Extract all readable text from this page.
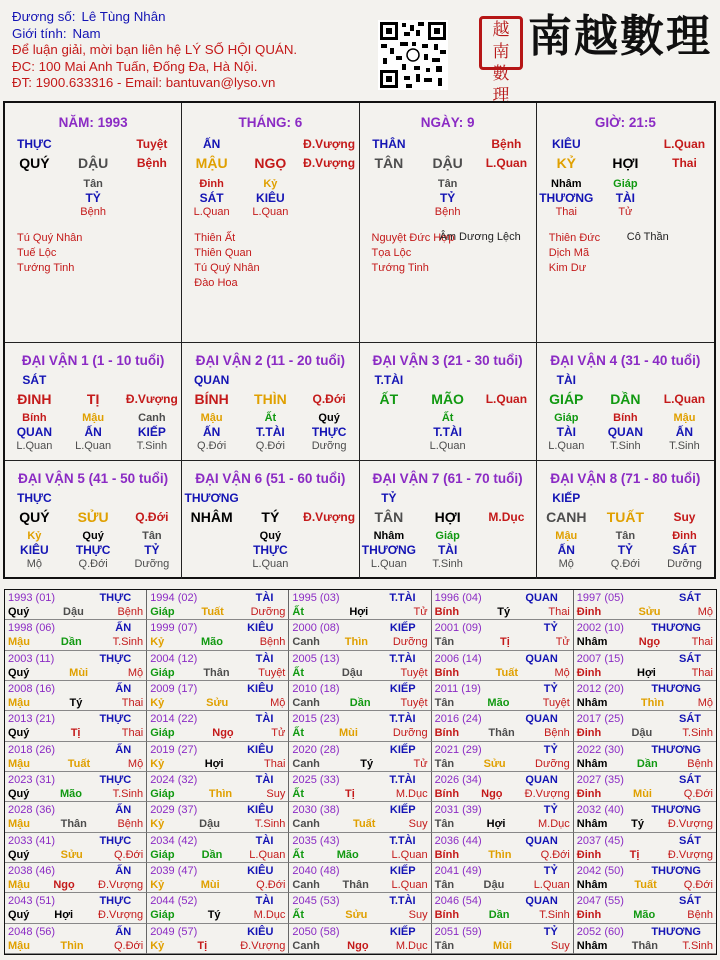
Đương số: Lê Tùng Nhân
Giới tính: Nam
Để luận giải, mời bạn liên hệ LÝ SỐ HỘI QUÁN.
ĐC: 100 Mai Anh Tuấn, Đống Đa, Hà Nội.
ĐT: 1900.633316 - Email: bantuvan@lyso.vn
越南數理
南越數理
NĂM: 1993
THỰC	Tuyệt
QUÝ	DẬU	Bệnh
Tân
TỶ
Bệnh
Tú Quý Nhân
Tuế Lộc
Tướng Tinh
THÁNG: 6
ẤN	Đ.Vượng
MẬU	NGỌ	Đ.Vượng
Đinh	Kỷ
SÁT	KIÊU
L.Quan	L.Quan
Thiên Ất
Thiên Quan
Tú Quý Nhân
Đào Hoa
NGÀY: 9
THÂN	Bệnh
TÂN	DẬU	L.Quan
Tân
TỶ
Bệnh
Nguyệt Đức Hợp
Tọa Lộc
Tướng Tinh
Âm Dương Lệch
GIỜ: 21:5
KIÊU	L.Quan
KỶ	HỢI	Thai
Nhâm	Giáp
THƯƠNG	TÀI
Thai	Tử
Thiên Đức
Dịch Mã
Kim Dư
Cô Thần
ĐẠI VẬN 1 (1 - 10 tuổi)
SÁT
ĐINH	TỊ	Đ.Vượng
Bính	Mậu	Canh
QUAN	ẤN	KIẾP
L.Quan	L.Quan	T.Sinh
ĐẠI VẬN 2 (11 - 20 tuổi)
QUAN
BÍNH	THÌN	Q.Đới
Mậu	Ất	Quý
ẤN	T.TÀI	THỰC
Q.Đới	Q.Đới	Dưỡng
ĐẠI VẬN 3 (21 - 30 tuổi)
T.TÀI
ẤT	MÃO	L.Quan
Ất
T.TÀI
L.Quan
ĐẠI VẬN 4 (31 - 40 tuổi)
TÀI
GIÁP	DẦN	L.Quan
Giáp	Bính	Mậu
TÀI	QUAN	ẤN
L.Quan	T.Sinh	T.Sinh
ĐẠI VẬN 5 (41 - 50 tuổi)
THỰC
QUÝ	SỬU	Q.Đới
Kỷ	Quý	Tân
KIÊU	THỰC	TỶ
Mộ	Q.Đới	Dưỡng
ĐẠI VẬN 6 (51 - 60 tuổi)
THƯƠNG
NHÂM	TÝ	Đ.Vượng
Quý
THỰC
L.Quan
ĐẠI VẬN 7 (61 - 70 tuổi)
TỶ
TÂN	HỢI	M.Dục
Nhâm	Giáp
THƯƠNG	TÀI
L.Quan	T.Sinh
ĐẠI VẬN 8 (71 - 80 tuổi)
KIẾP
CANH	TUẤT	Suy
Mậu	Tân	Đinh
ẤN	TỶ	SÁT
Mộ	Q.Đới	Dưỡng
1993 (01)	THỰC
Quý	Dậu	Bệnh
1994 (02)	TÀI
Giáp Tuất Dưỡng
1995 (03)	T.TÀI
Ất	Hợi	Tử
1996 (04)	QUAN
Bính	Tý	Thai
1997 (05)	SÁT
Đinh	Sửu	Mộ
1998 (06)	ẤN
Mậu	Dần	T.Sinh
1999 (07)	KIÊU
Kỷ	Mão	Bệnh
2000 (08)	KIẾP
Canh Thìn Dưỡng
2001 (09)	TỶ
Tân	Tị	Tử
2002 (10) THƯƠNG
Nhâm	Ngọ	Thai
2003 (11)	THỰC
Quý	Mùi	Mộ
2004 (12)	TÀI
Giáp	Thân	Tuyệt
2005 (13)	T.TÀI
Ất	Dậu	Tuyệt
2006 (14)	QUAN
Bính	Tuất	Mộ
2007 (15)	SÁT
Đinh	Hợi	Thai
2008 (16)	ẤN
Mậu	Tý	Thai
2009 (17)	KIÊU
Kỷ	Sửu	Mộ
2010 (18)	KIẾP
Canh	Dần	Tuyệt
2011 (19)	TỶ
Tân	Mão	Tuyệt
2012 (20) THƯƠNG
Nhâm	Thìn	Mộ
2013 (21)	THỰC
Quý	Tị	Thai
2014 (22)	TÀI
Giáp	Ngọ	Tử
2015 (23)	T.TÀI
Ất	Mùi	Dưỡng
2016 (24)	QUAN
Bính	Thân	Bệnh
2017 (25)	SÁT
Đinh	Dậu	T.Sinh
2018 (26)	ẤN
Mậu	Tuất	Mộ
2019 (27)	KIÊU
Kỷ	Hợi	Thai
2020 (28)	KIẾP
Canh	Tý	Tử
2021 (29)	TỶ
Tân	Sửu	Dưỡng
2022 (30) THƯƠNG
Nhâm	Dần	Bệnh
2023 (31)	THỰC
Quý	Mão	T.Sinh
2024 (32)	TÀI
Giáp	Thìn	Suy
2025 (33)	T.TÀI
Ất	Tị	M.Dục
2026 (34)	QUAN
Bính Ngọ Đ.Vượng
2027 (35)	SÁT
Đinh	Mùi	Q.Đới
2028 (36)	ẤN
Mậu	Thân	Bệnh
2029 (37)	KIÊU
Kỷ	Dậu	T.Sinh
2030 (38)	KIẾP
Canh	Tuất	Suy
2031 (39)	TỶ
Tân	Hợi	M.Dục
2032 (40) THƯƠNG
Nhâm Tý Đ.Vượng
2033 (41)	THỰC
Quý	Sửu	Q.Đới
2034 (42)	TÀI
Giáp Dần L.Quan
2035 (43)	T.TÀI
Ất	Mão	L.Quan
2036 (44)	QUAN
Bính	Thìn	Q.Đới
2037 (45)	SÁT
Đinh	Tị	Đ.Vượng
2038 (46)	ẤN
Mậu Ngọ Đ.Vượng
2039 (47)	KIÊU
Kỷ	Mùi	Q.Đới
2040 (48)	KIẾP
Canh Thân L.Quan
2041 (49)	TỶ
Tân	Dậu	L.Quan
2042 (50) THƯƠNG
Nhâm Tuất Q.Đới
2043 (51)	THỰC
Quý Hợi Đ.Vượng
2044 (52)	TÀI
Giáp	Tý	M.Dục
2045 (53)	T.TÀI
Ất	Sửu	Suy
2046 (54)	QUAN
Bính	Dần	T.Sinh
2047 (55)	SÁT
Đinh	Mão	Bệnh
2048 (56)	ẤN
Mậu	Thìn	Q.Đới
2049 (57)	KIÊU
Kỷ	Tị	Đ.Vượng
2050 (58)	KIẾP
Canh Ngọ M.Dục
2051 (59)	TỶ
Tân	Mùi	Suy
2052 (60) THƯƠNG
Nhâm Thân T.Sinh
